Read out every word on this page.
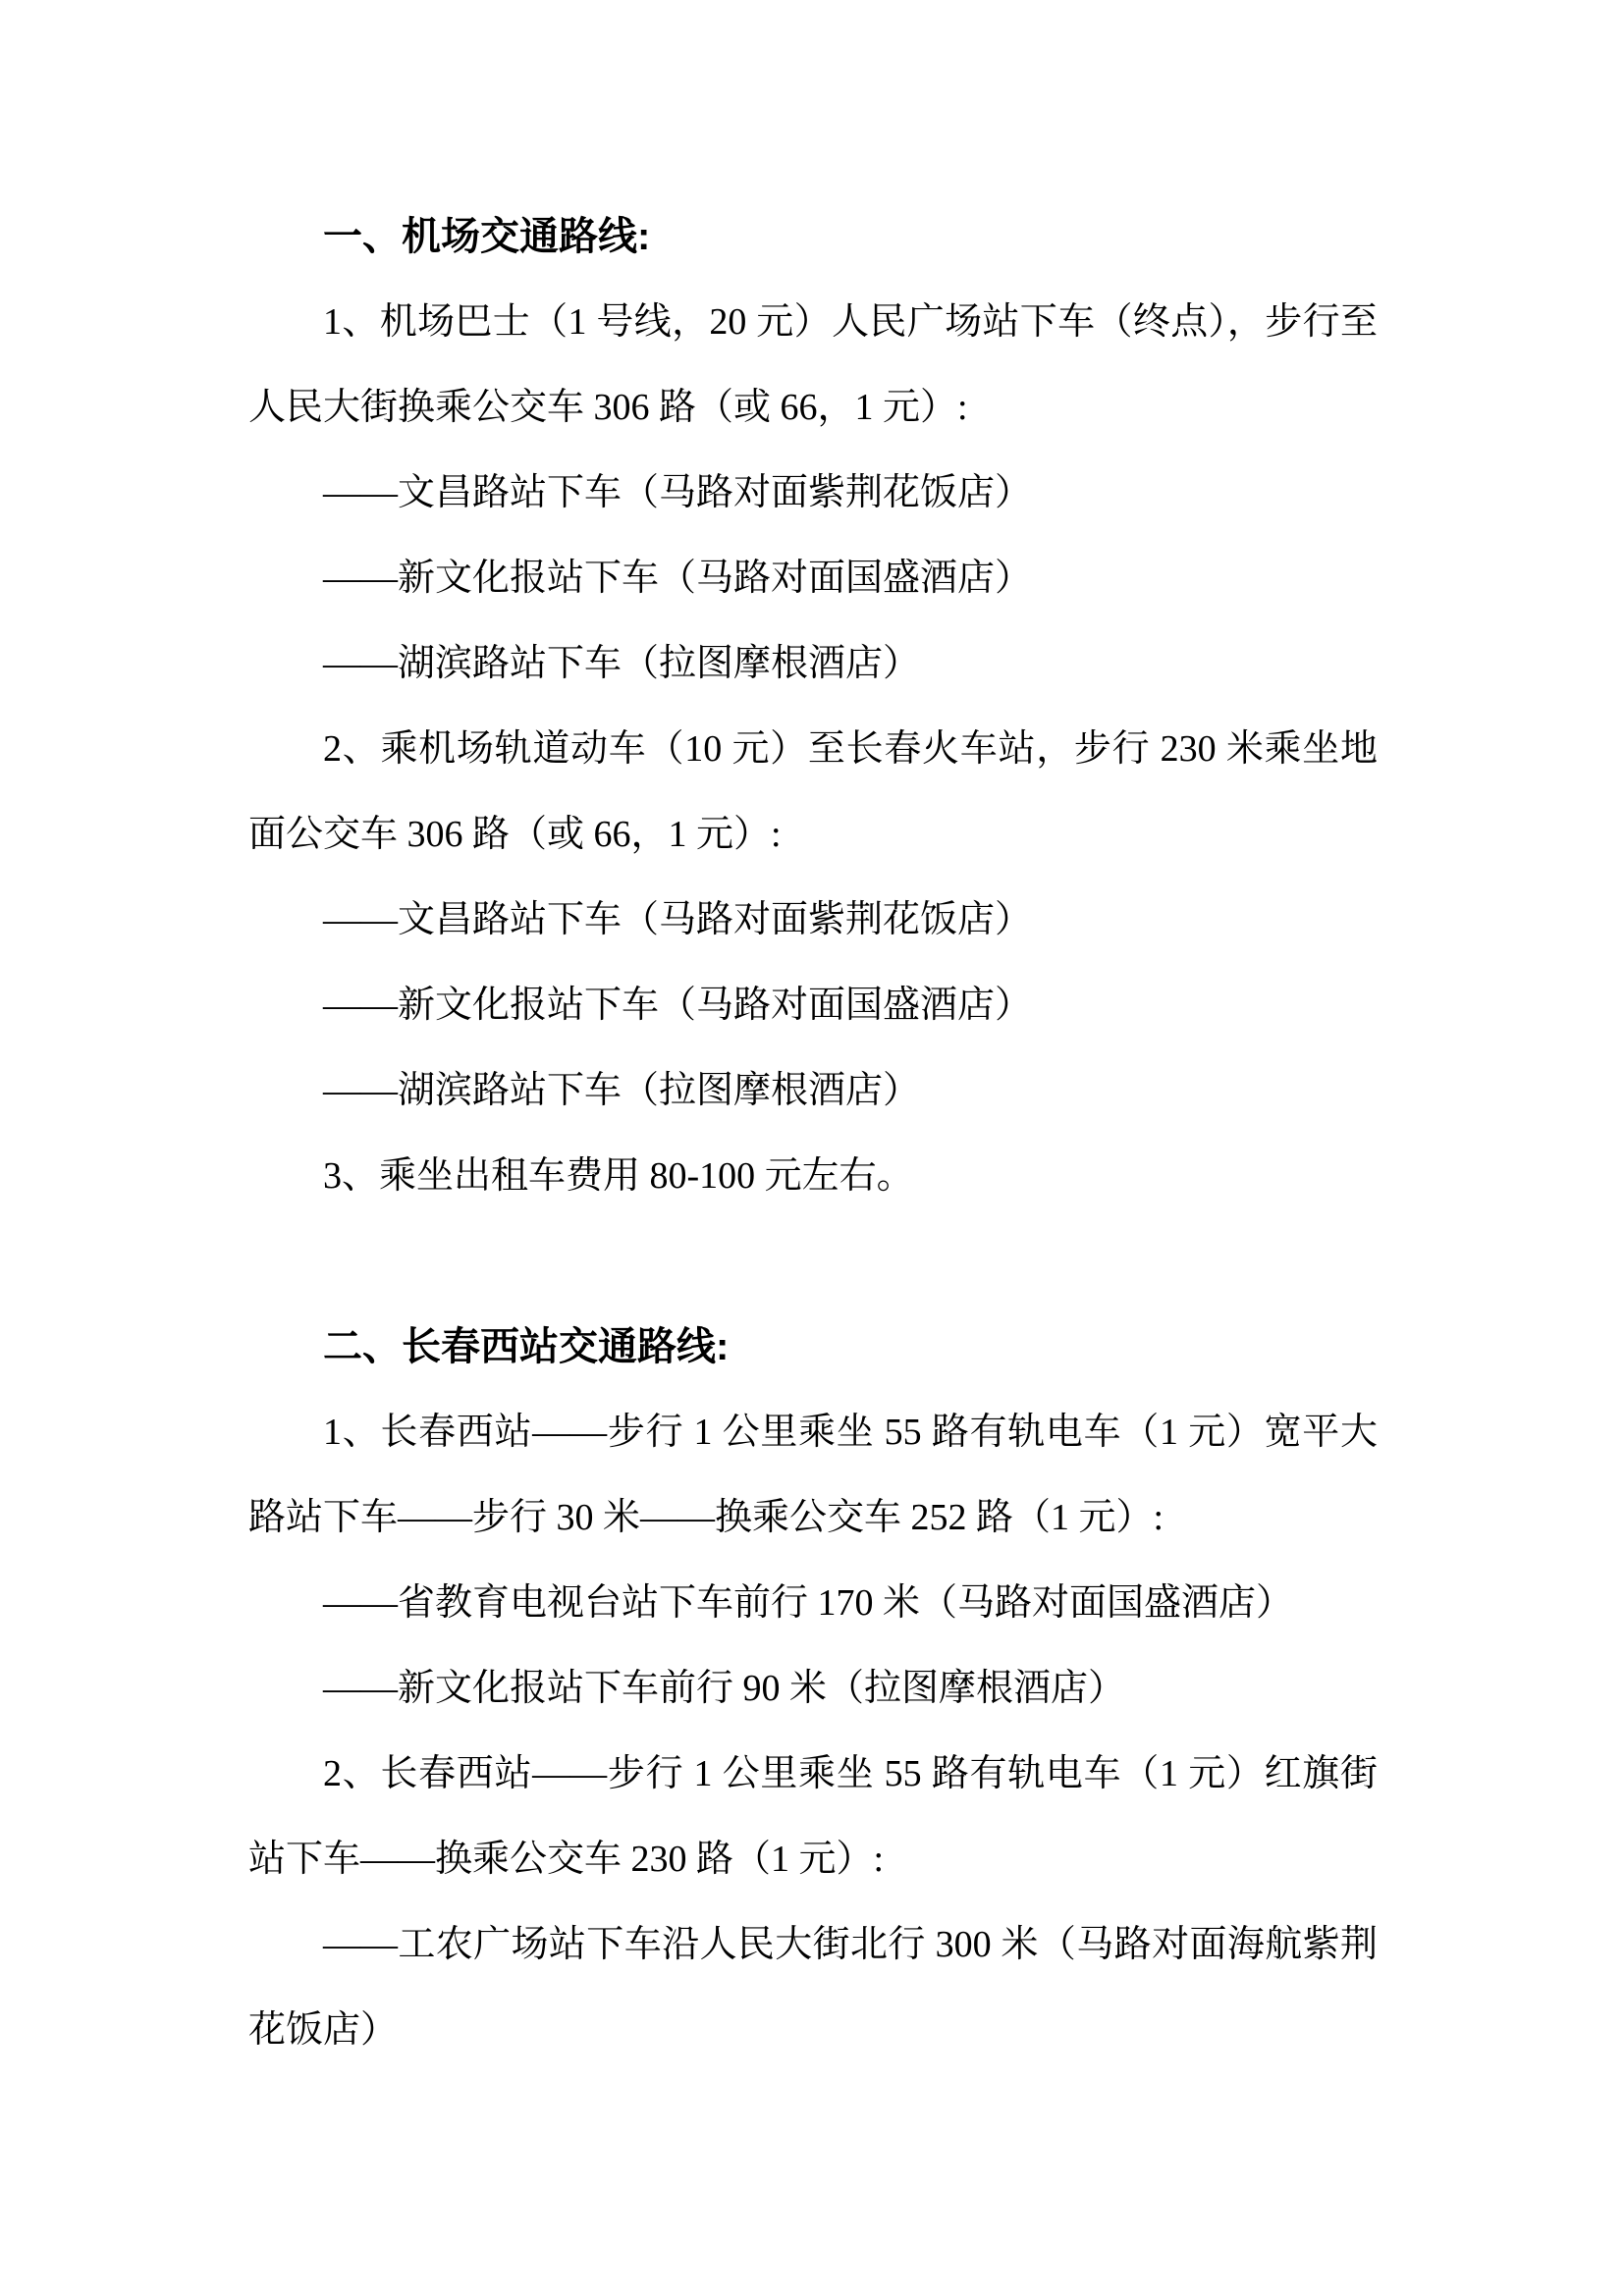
一、机场交通路线:
1、机场巴士（1 号线，20 元）人民广场站下车（终点），步行至
人民大街换乘公交车 306 路（或 66，1 元）:
——文昌路站下车（马路对面紫荆花饭店）
——新文化报站下车（马路对面国盛酒店）
——湖滨路站下车（拉图摩根酒店）
2、乘机场轨道动车（10 元）至长春火车站，步行 230 米乘坐地
面公交车 306 路（或 66，1 元）:
——文昌路站下车（马路对面紫荆花饭店）
——新文化报站下车（马路对面国盛酒店）
——湖滨路站下车（拉图摩根酒店）
3、乘坐出租车费用 80-100 元左右。

二、长春西站交通路线:
1、长春西站——步行 1 公里乘坐 55 路有轨电车（1 元）宽平大
路站下车——步行 30 米——换乘公交车 252 路（1 元）:
——省教育电视台站下车前行 170 米（马路对面国盛酒店）
——新文化报站下车前行 90 米（拉图摩根酒店）
2、长春西站——步行 1 公里乘坐 55 路有轨电车（1 元）红旗街
站下车——换乘公交车 230 路（1 元）:
——工农广场站下车沿人民大街北行 300 米（马路对面海航紫荆
花饭店）
